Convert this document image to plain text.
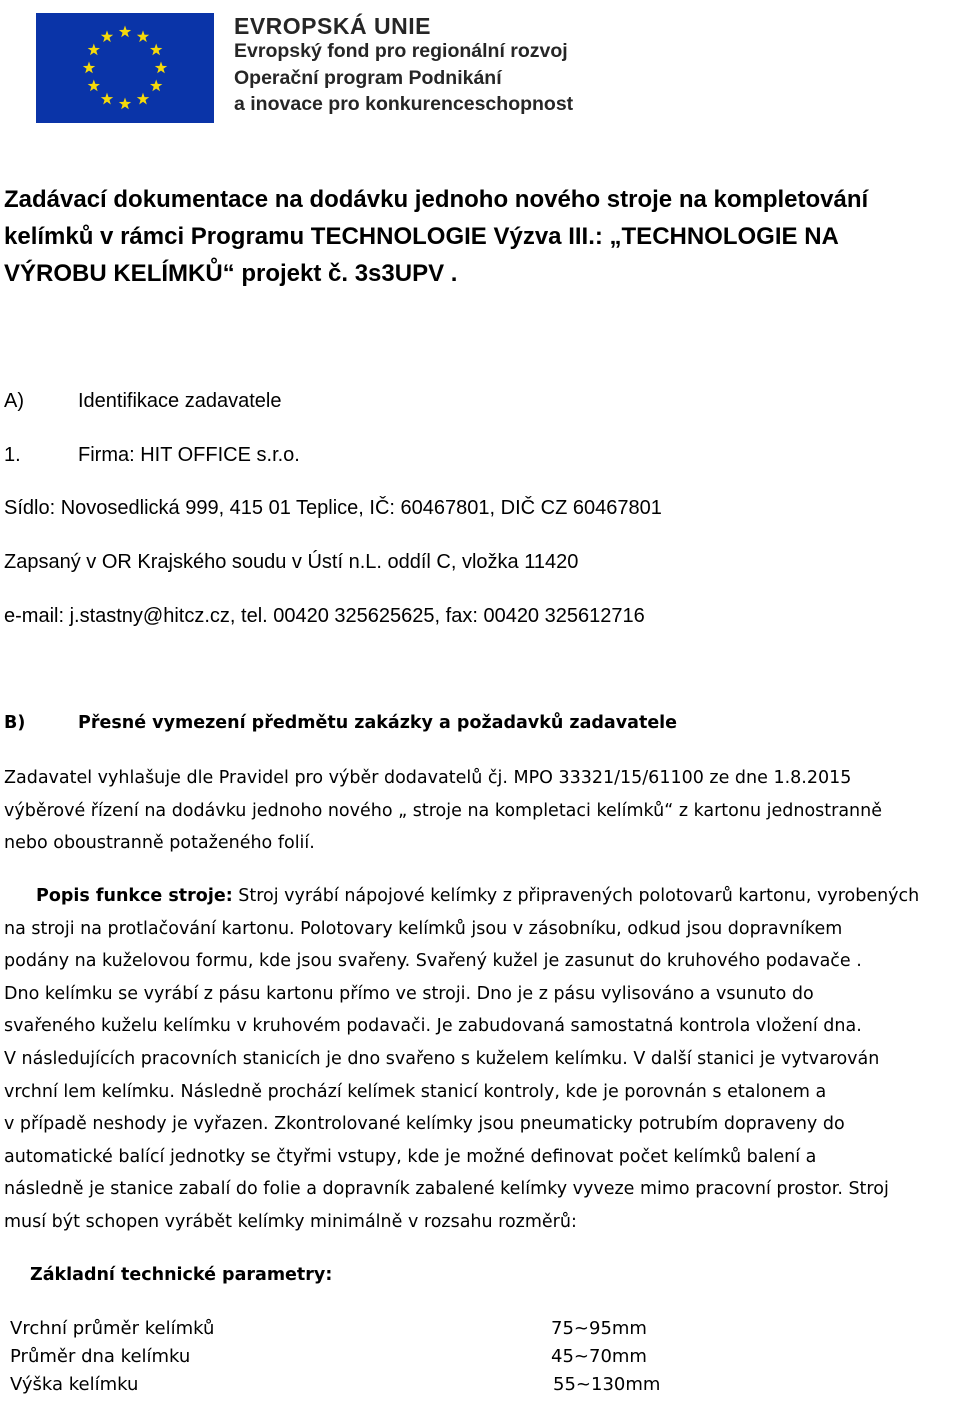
EVROPSKÁ UNIE
Evropský fond pro regionální rozvoj
Operační program Podnikání
a inovace pro konkurenceschopnost
Zadávací dokumentace na dodávku jednoho nového stroje na kompletování
kelímků v rámci Programu TECHNOLOGIE Výzva III.: „TECHNOLOGIE NA
VÝROBU KELÍMKŮ“ projekt č. 3s3UPV .
A)	Identifikace zadavatele
1.	Firma: HIT OFFICE s.r.o.
Sídlo: Novosedlická 999, 415 01 Teplice, IČ: 60467801, DIČ CZ 60467801
Zapsaný v OR Krajského soudu v Ústí n.L. oddíl C, vložka 11420
e-mail: j.stastny@hitcz.cz, tel. 00420 325625625, fax: 00420 325612716
B)	Přesné vymezení předmětu zakázky a požadavků zadavatele
Zadavatel vyhlašuje dle Pravidel pro výběr dodavatelů čj. MPO 33321/15/61100 ze dne 1.8.2015
výběrové řízení na dodávku jednoho nového „ stroje na kompletaci kelímků“ z kartonu jednostranně
nebo oboustranně potaženého folií.
Popis funkce stroje: Stroj vyrábí nápojové kelímky z připravených polotovarů kartonu, vyrobených
na stroji na protlačování kartonu. Polotovary kelímků jsou v zásobníku, odkud jsou dopravníkem
podány na kuželovou formu, kde jsou svařeny. Svařený kužel je zasunut do kruhového podavače .
Dno kelímku se vyrábí z pásu kartonu přímo ve stroji. Dno je z pásu vylisováno a vsunuto do
svařeného kuželu kelímku v kruhovém podavači. Je zabudovaná samostatná kontrola vložení dna.
V následujících pracovních stanicích je dno svařeno s kuželem kelímku. V další stanici je vytvarován
vrchní lem kelímku. Následně prochází kelímek stanicí kontroly, kde je porovnán s etalonem a
v případě neshody je vyřazen. Zkontrolované kelímky jsou pneumaticky potrubím dopraveny do
automatické balící jednotky se čtyřmi vstupy, kde je možné definovat počet kelímků balení a
následně je stanice zabalí do folie a dopravník zabalené kelímky vyveze mimo pracovní prostor. Stroj
musí být schopen vyrábět kelímky minimálně v rozsahu rozměrů:
Základní technické parametry:
Vrchní průměr kelímků	75~95mm
Průměr dna kelímku	45~70mm
Výška kelímku	55~130mm
